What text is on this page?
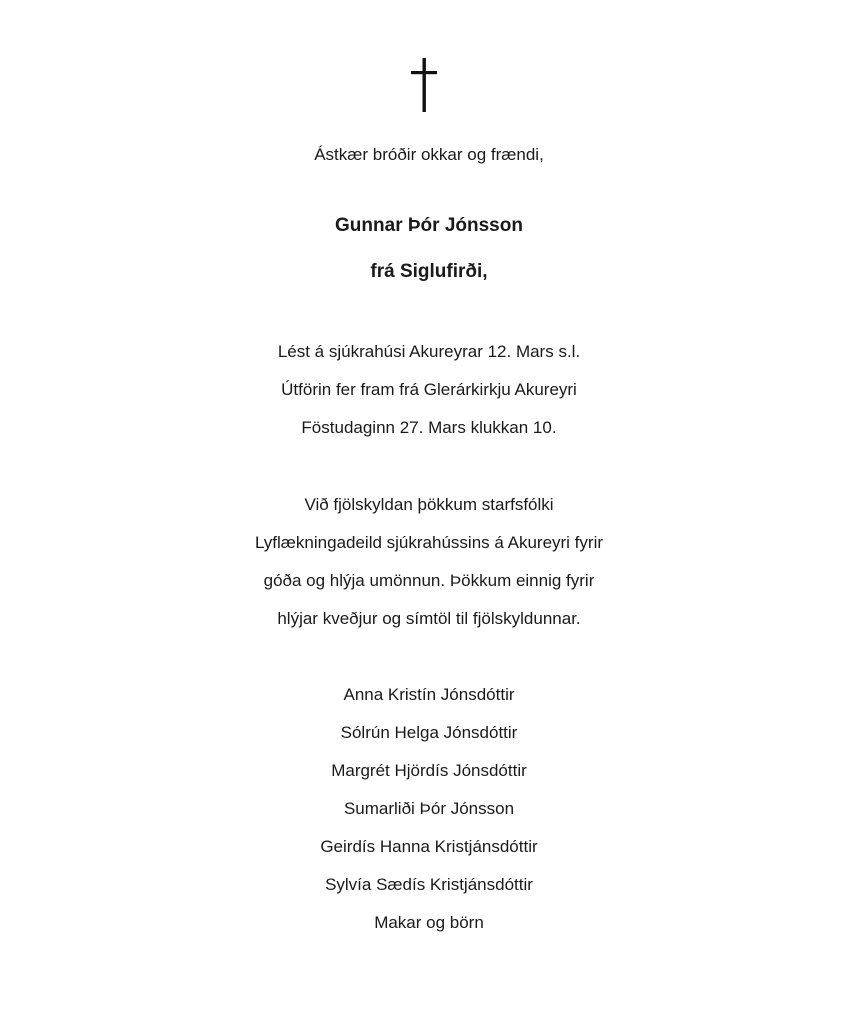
Ástkær bróðir okkar og frændi,
Gunnar Þór Jónsson
frá Siglufirði,
Lést á sjúkrahúsi Akureyrar 12. Mars s.l.
Útförin fer fram frá Glerárkirkju Akureyri
Föstudaginn 27. Mars klukkan 10.
Við fjölskyldan þökkum starfsfólki
Lyflækningadeild sjúkrahússins á Akureyri fyrir
góða og hlýja umönnun. Þökkum einnig fyrir
hlýjar kveðjur og símtöl til fjölskyldunnar.
Anna Kristín Jónsdóttir
Sólrún Helga Jónsdóttir
Margrét Hjördís Jónsdóttir
Sumarliði Þór Jónsson
Geirdís Hanna Kristjánsdóttir
Sylvía Sædís Kristjánsdóttir
Makar og börn
